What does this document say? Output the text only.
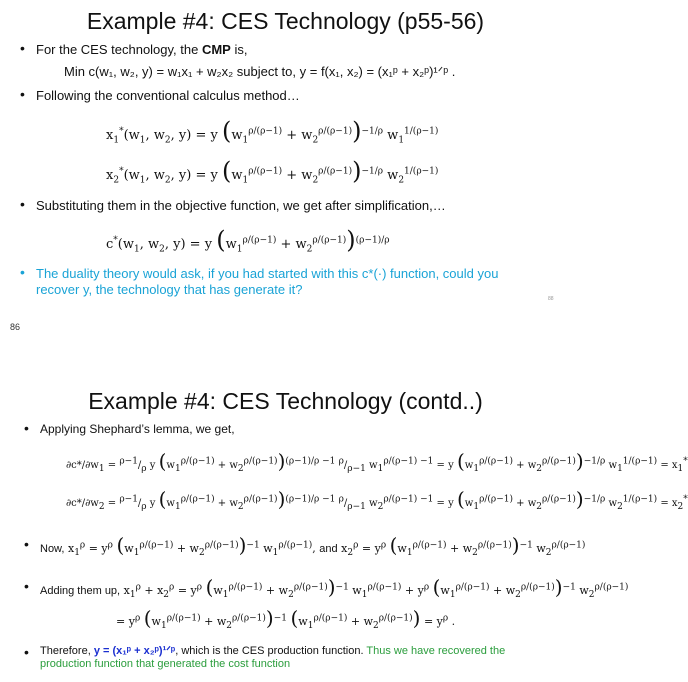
Example #4: CES Technology (p55-56)
• For the CES technology, the CMP is,
Min c(w₁, w₂, y) = w₁x₁ + w₂x₂ subject to, y = f(x₁, x₂) = (x₁ᵖ + x₂ᵖ)¹ᐟᵖ .
• Following the conventional calculus method…
$x_1^*(w_1$, $w_2$, y) = y $(w_1^{\rho/(\rho-1)} + w_2^{\rho/(\rho-1)})^{-1/\rho}$ $w_1^{1/(\rho-1)}$
$x_2^*(w_1$, $w_2$, y) = y $(w_1^{\rho/(\rho-1)} + w_2^{\rho/(\rho-1)})^{-1/\rho}$ $w_2^{1/(\rho-1)}$
• Substituting them in the objective function, we get after simplification,…
$c^*(w_1$, $w_2$, y) = y $(w_1^{\rho/(\rho-1)} + w_2^{\rho/(\rho-1)})^{(\rho-1)/\rho}$
• The duality theory would ask, if you had started with this c*(·) function, could you
recover y, the technology that has generate it?
88
86
Example #4: CES Technology (contd..)
• Applying Shephard’s lemma, we get,
$\partial c*/\partial w_1 = ^{\rho-1}/_\rho$ y $(w_1^{\rho/(\rho-1)} + w_2^{\rho/(\rho-1)})^{(\rho-1)/\rho -1}$ $^\rho/_{\rho-1}$ $w_1^{\rho/(\rho-1) -1} = y$ $(w_1^{\rho/(\rho-1)} + w_2^{\rho/(\rho-1)})^{-1/\rho}$ $w_1^{1/(\rho-1)} = x_1^*$
$\partial c*/\partial w_2 = ^{\rho-1}/_\rho$ y $(w_1^{\rho/(\rho-1)} + w_2^{\rho/(\rho-1)})^{(\rho-1)/\rho -1}$ $^\rho/_{\rho-1}$ $w_2^{\rho/(\rho-1) -1} = y$ $(w_1^{\rho/(\rho-1)} + w_2^{\rho/(\rho-1)})^{-1/\rho}$ $w_2^{1/(\rho-1)} = x_2^*$
• Now, $x_1^\rho = y^\rho$ $(w_1^{\rho/(\rho-1)} + w_2^{\rho/(\rho-1)})^{-1}$ $w_1^{\rho/(\rho-1)}$, and $x_2^\rho = y^\rho$ $(w_1^{\rho/(\rho-1)} + w_2^{\rho/(\rho-1)})^{-1}$ $w_2^{\rho/(\rho-1)}$
• Adding them up, $x_1^\rho + x_2^\rho = y^\rho$ $(w_1^{\rho/(\rho-1)} + w_2^{\rho/(\rho-1)})^{-1}$ $w_1^{\rho/(\rho-1)} + y^\rho$ $(w_1^{\rho/(\rho-1)} + w_2^{\rho/(\rho-1)})^{-1}$ $w_2^{\rho/(\rho-1)}$
= $y^\rho$ $(w_1^{\rho/(\rho-1)} + w_2^{\rho/(\rho-1)})^{-1}$ $(w_1^{\rho/(\rho-1)} + w_2^{\rho/(\rho-1)}) = y^\rho$ .
• Therefore, y = (x₁ᵖ + x₂ᵖ)¹ᐟᵖ, which is the CES production function. Thus we have recovered the
production function that generated the cost function
